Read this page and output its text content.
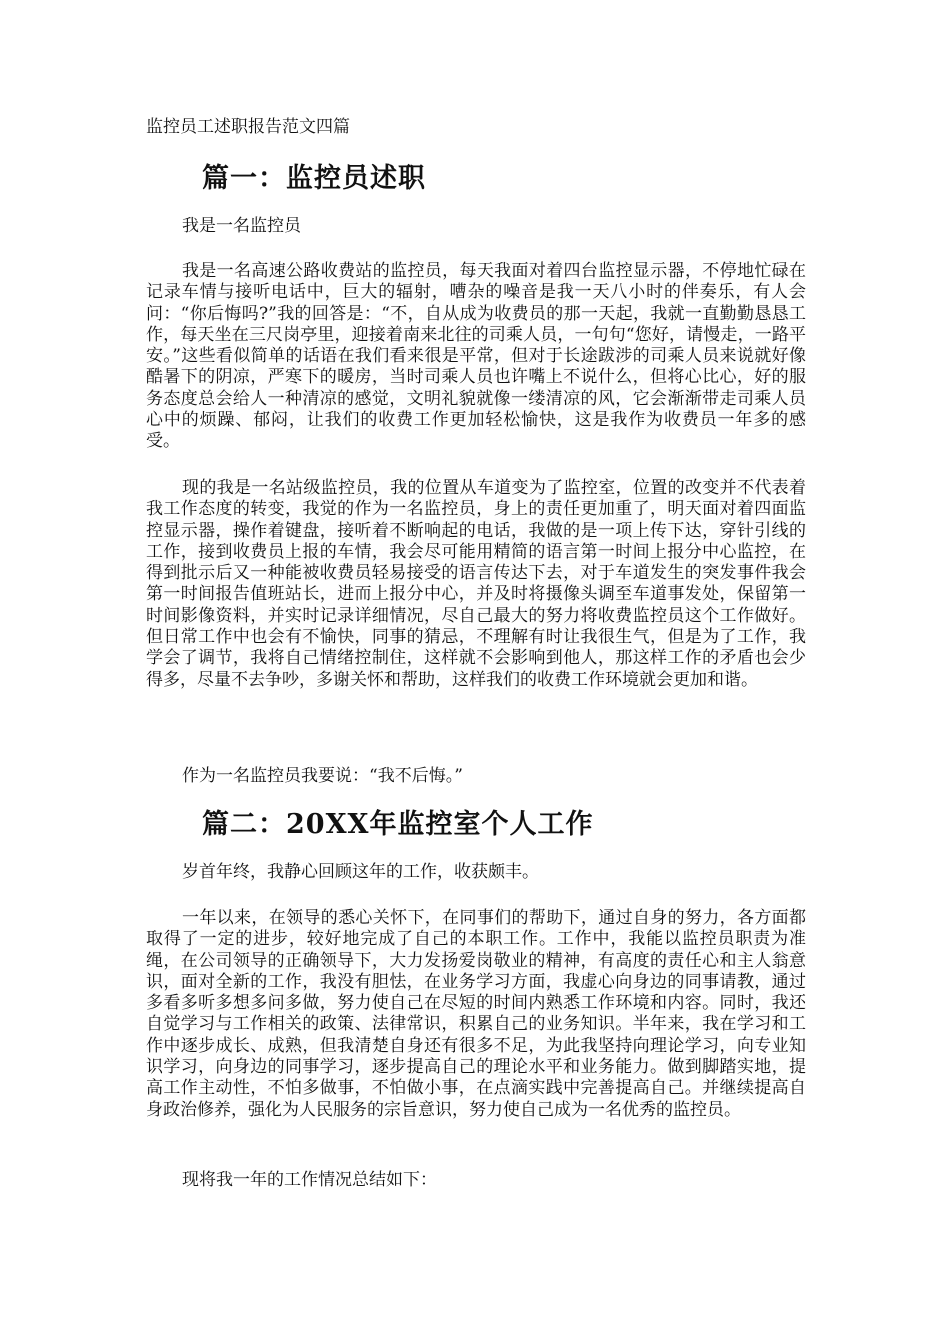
监控员工述职报告范文四篇
篇一：监控员述职

我是一名监控员

我是一名高速公路收费站的监控员，每天我面对着四台监控显示器，不停地忙碌在记录车情与接听电话中，巨大的辐射，嘈杂的噪音是我一天八小时的伴奏乐，有人会问：“你后悔吗?”我的回答是：“不，自从成为收费员的那一天起，我就一直勤勤恳恳工作，每天坐在三尺岗亭里，迎接着南来北往的司乘人员，一句句“您好，请慢走，一路平安。”这些看似简单的话语在我们看来很是平常，但对于长途跋涉的司乘人员来说就好像酷暑下的阴凉，严寒下的暖房，当时司乘人员也许嘴上不说什么，但将心比心，好的服务态度总会给人一种清凉的感觉，文明礼貌就像一缕清凉的风，它会渐渐带走司乘人员心中的烦躁、郁闷，让我们的收费工作更加轻松愉快，这是我作为收费员一年多的感受。

现的我是一名站级监控员，我的位置从车道变为了监控室，位置的改变并不代表着我工作态度的转变，我觉的作为一名监控员，身上的责任更加重了，明天面对着四面监控显示器，操作着键盘，接听着不断响起的电话，我做的是一项上传下达，穿针引线的工作，接到收费员上报的车情，我会尽可能用精简的语言第一时间上报分中心监控，在得到批示后又一种能被收费员轻易接受的语言传达下去，对于车道发生的突发事件我会第一时间报告值班站长，进而上报分中心，并及时将摄像头调至车道事发处，保留第一时间影像资料，并实时记录详细情况，尽自己最大的努力将收费监控员这个工作做好。但日常工作中也会有不愉快，同事的猜忌，不理解有时让我很生气，但是为了工作，我学会了调节，我将自己情绪控制住，这样就不会影响到他人，那这样工作的矛盾也会少得多，尽量不去争吵，多谢关怀和帮助，这样我们的收费工作环境就会更加和谐。

作为一名监控员我要说：“我不后悔。”

篇二：20XX年监控室个人工作

岁首年终，我静心回顾这年的工作，收获颇丰。

一年以来，在领导的悉心关怀下，在同事们的帮助下，通过自身的努力，各方面都取得了一定的进步，较好地完成了自己的本职工作。工作中，我能以监控员职责为准绳，在公司领导的正确领导下，大力发扬爱岗敬业的精神，有高度的责任心和主人翁意识，面对全新的工作，我没有胆怯，在业务学习方面，我虚心向身边的同事请教，通过多看多听多想多问多做，努力使自己在尽短的时间内熟悉工作环境和内容。同时，我还自觉学习与工作相关的政策、法律常识，积累自己的业务知识。半年来，我在学习和工作中逐步成长、成熟，但我清楚自身还有很多不足，为此我坚持向理论学习，向专业知识学习，向身边的同事学习，逐步提高自己的理论水平和业务能力。做到脚踏实地，提高工作主动性，不怕多做事，不怕做小事，在点滴实践中完善提高自己。并继续提高自身政治修养，强化为人民服务的宗旨意识，努力使自己成为一名优秀的监控员。

现将我一年的工作情况总结如下：
